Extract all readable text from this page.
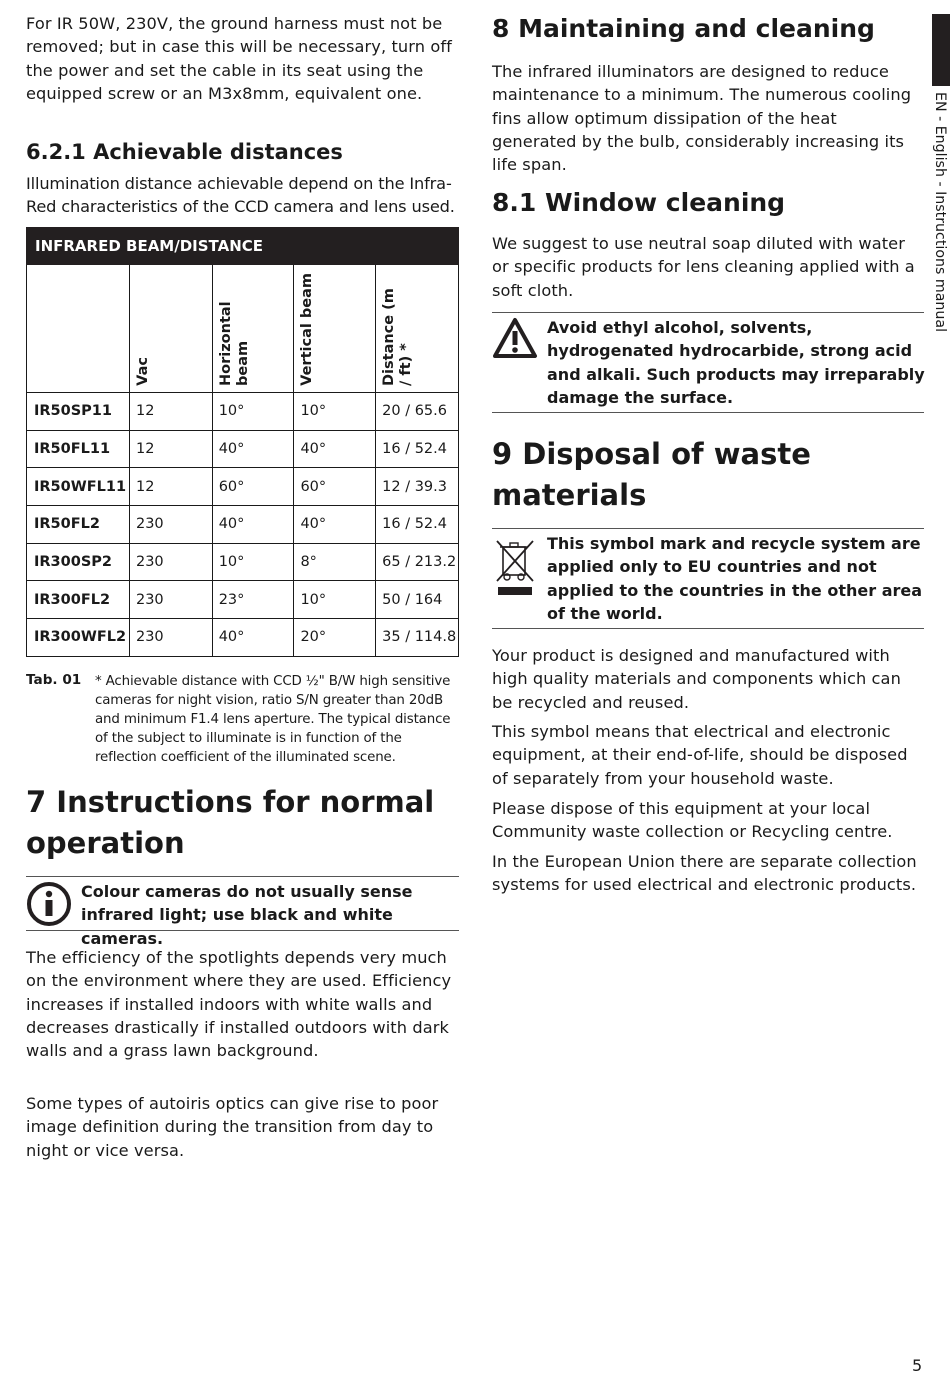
For IR 50W, 230V, the ground harness must not be removed; but in case this will be necessary, turn off the power and set the cable in its seat using the equipped screw or an M3x8mm, equivalent one.

6.2.1 Achievable distances

Illumination distance achievable depend on the Infra-Red characteristics of the CCD camera and lens used.

INFRARED BEAM/DISTANCE				

	Vac	Horizontal beam	Vertical beam	Distance (m / ft) *

IR50SP11	12	10°	10°	20 / 65.6
IR50FL11	12	40°	40°	16 / 52.4
IR50WFL11	12	60°	60°	12 / 39.3
IR50FL2	230	40°	40°	16 / 52.4
IR300SP2	230	10°	8°	65 / 213.2
IR300FL2	230	23°	10°	50 / 164
IR300WFL2	230	40°	20°	35 / 114.8
Tab. 01 * Achievable distance with CCD ½" B/W high sensitive cameras for night vision, ratio S/N greater than 20dB and minimum F1.4 lens aperture. The typical distance of the subject to illuminate is in function of the reflection coefficient of the illuminated scene.

7 Instructions for normal operation

Colour cameras do not usually sense infrared light; use black and white cameras.

The efficiency of the spotlights depends very much on the environment where they are used. Efficiency increases if installed indoors with white walls and decreases drastically if installed outdoors with dark walls and a grass lawn background.

Some types of autoiris optics can give rise to poor image definition during the transition from day to night or vice versa.

8 Maintaining and cleaning

The infrared illuminators are designed to reduce maintenance to a minimum. The numerous cooling fins allow optimum dissipation of the heat generated by the bulb, considerably increasing its life span.

8.1 Window cleaning

We suggest to use neutral soap diluted with water or specific products for lens cleaning applied with a soft cloth.

Avoid ethyl alcohol, solvents, hydrogenated hydrocarbide, strong acid and alkali. Such products may irreparably damage the surface.

9 Disposal of waste materials

This symbol mark and recycle system are applied only to EU countries and not applied to the countries in the other area of the world.

Your product is designed and manufactured with high quality materials and components which can be recycled and reused.

This symbol means that electrical and electronic equipment, at their end-of-life, should be disposed of separately from your household waste.

Please dispose of this equipment at your local Community waste collection or Recycling centre.

In the European Union there are separate collection systems for used electrical and electronic products.

EN - English - Instructions manual
5
